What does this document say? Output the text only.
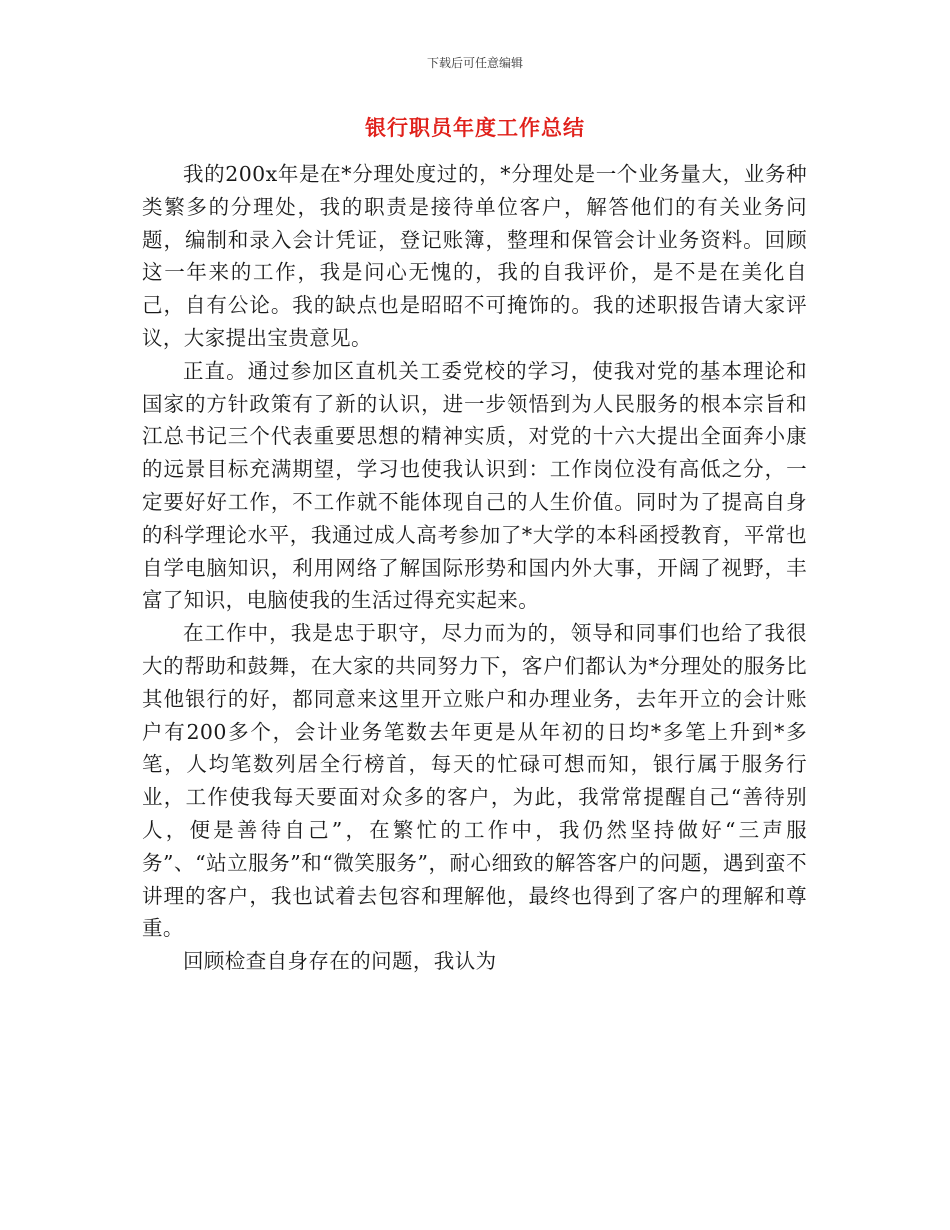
下载后可任意编辑
银行职员年度工作总结

我的200x年是在*分理处度过的，*分理处是一个业务量大，业务种类繁多的分理处，我的职责是接待单位客户，解答他们的有关业务问题，编制和录入会计凭证，登记账簿，整理和保管会计业务资料。回顾这一年来的工作，我是问心无愧的，我的自我评价，是不是在美化自己，自有公论。我的缺点也是昭昭不可掩饰的。我的述职报告请大家评议，大家提出宝贵意见。

正直。通过参加区直机关工委党校的学习，使我对党的基本理论和国家的方针政策有了新的认识，进一步领悟到为人民服务的根本宗旨和江总书记三个代表重要思想的精神实质，对党的十六大提出全面奔小康的远景目标充满期望，学习也使我认识到：工作岗位没有高低之分，一定要好好工作，不工作就不能体现自己的人生价值。同时为了提高自身的科学理论水平，我通过成人高考参加了*大学的本科函授教育，平常也自学电脑知识，利用网络了解国际形势和国内外大事，开阔了视野，丰富了知识，电脑使我的生活过得充实起来。

在工作中，我是忠于职守，尽力而为的，领导和同事们也给了我很大的帮助和鼓舞，在大家的共同努力下，客户们都认为*分理处的服务比其他银行的好，都同意来这里开立账户和办理业务，去年开立的会计账户有200多个，会计业务笔数去年更是从年初的日均*多笔上升到*多笔，人均笔数列居全行榜首，每天的忙碌可想而知，银行属于服务行业，工作使我每天要面对众多的客户，为此，我常常提醒自己“善待别人，便是善待自己”，在繁忙的工作中，我仍然坚持做好“三声服务”、“站立服务”和“微笑服务”，耐心细致的解答客户的问题，遇到蛮不讲理的客户，我也试着去包容和理解他，最终也得到了客户的理解和尊重。

回顾检查自身存在的问题，我认为
